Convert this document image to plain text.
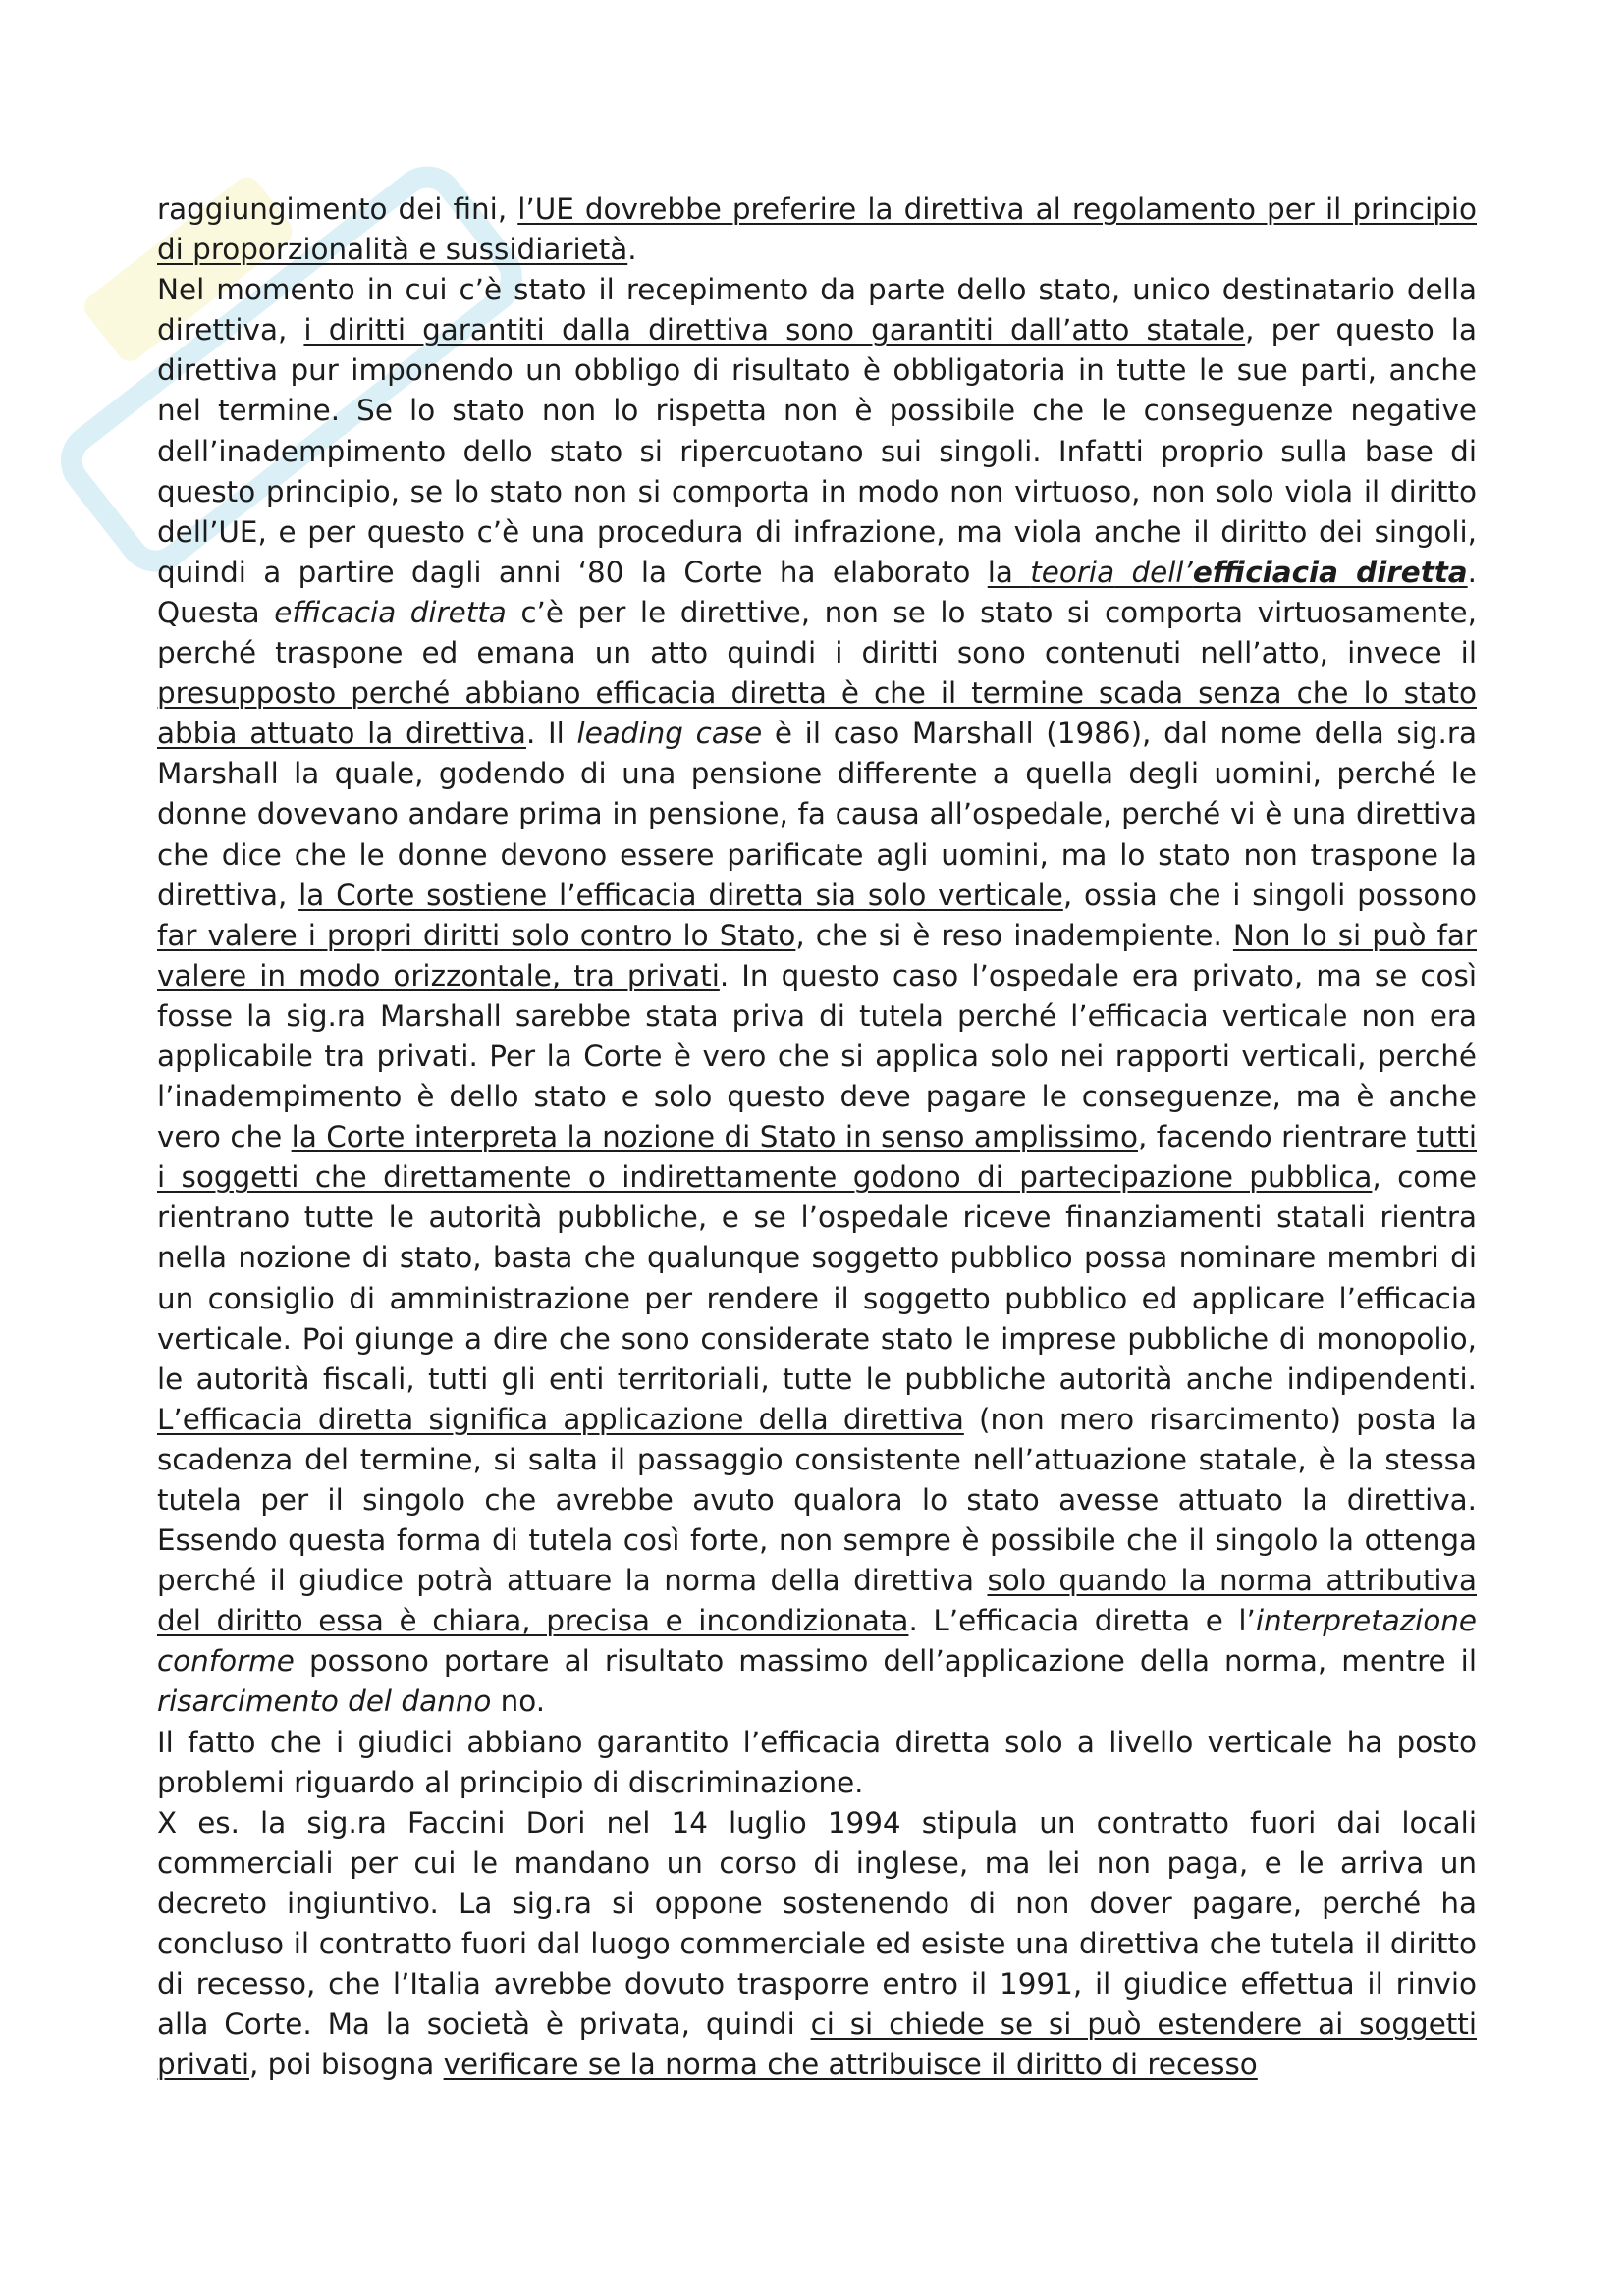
raggiungimento dei fini, l’UE dovrebbe preferire la direttiva al regolamento per il principio di proporzionalità e sussidiarietà.

Nel momento in cui c’è stato il recepimento da parte dello stato, unico destinatario della direttiva, i diritti garantiti dalla direttiva sono garantiti dall’atto statale, per questo la direttiva pur imponendo un obbligo di risultato è obbligatoria in tutte le sue parti, anche nel termine. Se lo stato non lo rispetta non è possibile che le conseguenze negative dell’inadempimento dello stato si ripercuotano sui singoli. Infatti proprio sulla base di questo principio, se lo stato non si comporta in modo non virtuoso, non solo viola il diritto dell’UE, e per questo c’è una procedura di infrazione, ma viola anche il diritto dei singoli, quindi a partire dagli anni ‘80 la Corte ha elaborato la teoria dell’efficiacia diretta. Questa efficacia diretta c’è per le direttive, non se lo stato si comporta virtuosamente, perché traspone ed emana un atto quindi i diritti sono contenuti nell’atto, invece il presupposto perché abbiano efficacia diretta è che il termine scada senza che lo stato abbia attuato la direttiva. Il leading case è il caso Marshall (1986), dal nome della sig.ra Marshall la quale, godendo di una pensione differente a quella degli uomini, perché le donne dovevano andare prima in pensione, fa causa all’ospedale, perché vi è una direttiva che dice che le donne devono essere parificate agli uomini, ma lo stato non traspone la direttiva, la Corte sostiene l’efficacia diretta sia solo verticale, ossia che i singoli possono far valere i propri diritti solo contro lo Stato, che si è reso inadempiente. Non lo si può far valere in modo orizzontale, tra privati. In questo caso l’ospedale era privato, ma se così fosse la sig.ra Marshall sarebbe stata priva di tutela perché l’efficacia verticale non era applicabile tra privati. Per la Corte è vero che si applica solo nei rapporti verticali, perché l’inadempimento è dello stato e solo questo deve pagare le conseguenze, ma è anche vero che la Corte interpreta la nozione di Stato in senso amplissimo, facendo rientrare tutti i soggetti che direttamente o indirettamente godono di partecipazione pubblica, come rientrano tutte le autorità pubbliche, e se l’ospedale riceve finanziamenti statali rientra nella nozione di stato, basta che qualunque soggetto pubblico possa nominare membri di un consiglio di amministrazione per rendere il soggetto pubblico ed applicare l’efficacia verticale. Poi giunge a dire che sono considerate stato le imprese pubbliche di monopolio, le autorità fiscali, tutti gli enti territoriali, tutte le pubbliche autorità anche indipendenti. L’efficacia diretta significa applicazione della direttiva (non mero risarcimento) posta la scadenza del termine, si salta il passaggio consistente nell’attuazione statale, è la stessa tutela per il singolo che avrebbe avuto qualora lo stato avesse attuato la direttiva. Essendo questa forma di tutela così forte, non sempre è possibile che il singolo la ottenga perché il giudice potrà attuare la norma della direttiva solo quando la norma attributiva del diritto essa è chiara, precisa e incondizionata. L’efficacia diretta e l’interpretazione conforme possono portare al risultato massimo dell’applicazione della norma, mentre il risarcimento del danno no.

Il fatto che i giudici abbiano garantito l’efficacia diretta solo a livello verticale ha posto problemi riguardo al principio di discriminazione.

X es. la sig.ra Faccini Dori nel 14 luglio 1994 stipula un contratto fuori dai locali commerciali per cui le mandano un corso di inglese, ma lei non paga, e le arriva un decreto ingiuntivo. La sig.ra si oppone sostenendo di non dover pagare, perché ha concluso il contratto fuori dal luogo commerciale ed esiste una direttiva che tutela il diritto di recesso, che l’Italia avrebbe dovuto trasporre entro il 1991, il giudice effettua il rinvio alla Corte. Ma la società è privata, quindi ci si chiede se si può estendere ai soggetti privati, poi bisogna verificare se la norma che attribuisce il diritto di recesso
